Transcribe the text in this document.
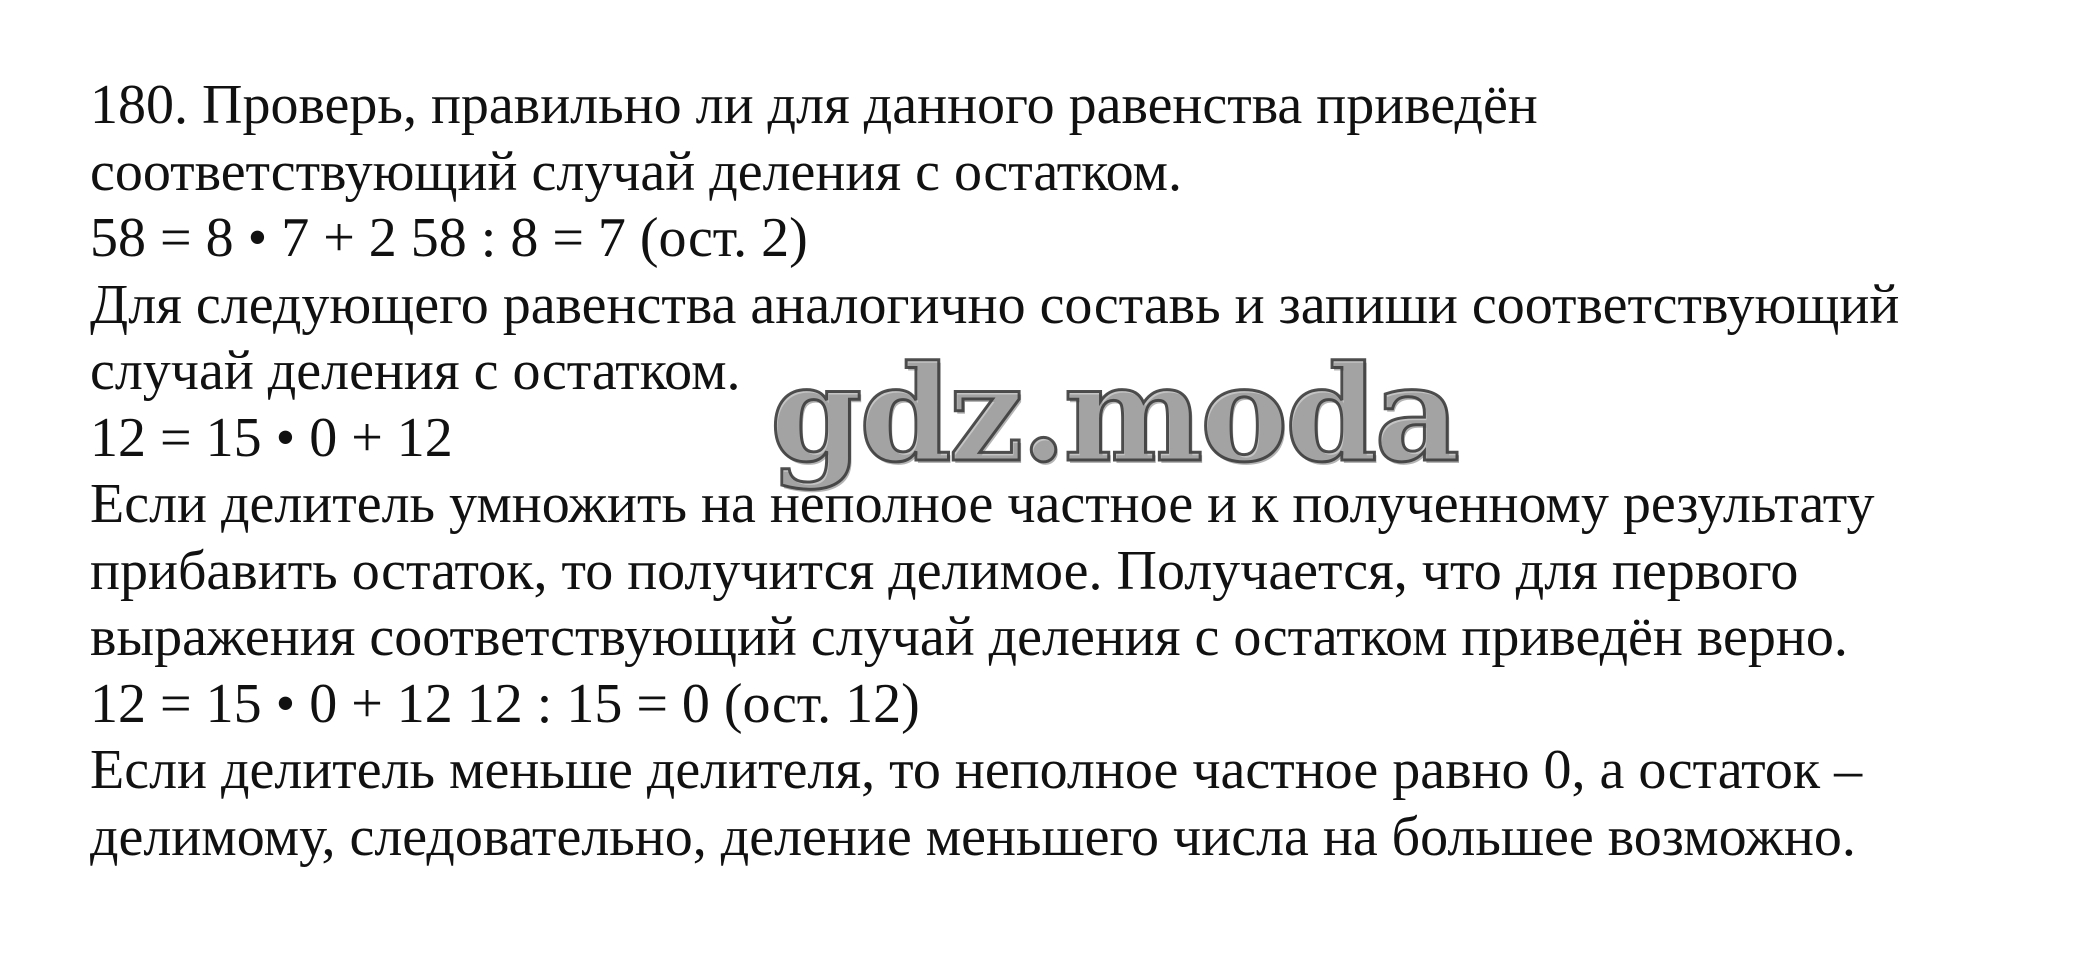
180. Проверь, правильно ли для данного равенства приведён

соответствующий случай деления с остатком.

58 = 8 • 7 + 2 58 : 8 = 7 (ост. 2)

Для следующего равенства аналогично составь и запиши соответствующий

случай деления с остатком.

12 = 15 • 0 + 12

Если делитель умножить на неполное частное и к полученному результату

прибавить остаток, то получится делимое. Получается, что для первого

выражения соответствующий случай деления с остатком приведён верно.

12 = 15 • 0 + 12 12 : 15 = 0 (ост. 12)

Если делитель меньше делителя, то неполное частное равно 0, а остаток –

делимому, следовательно, деление меньшего числа на большее возможно.

gdz.moda
